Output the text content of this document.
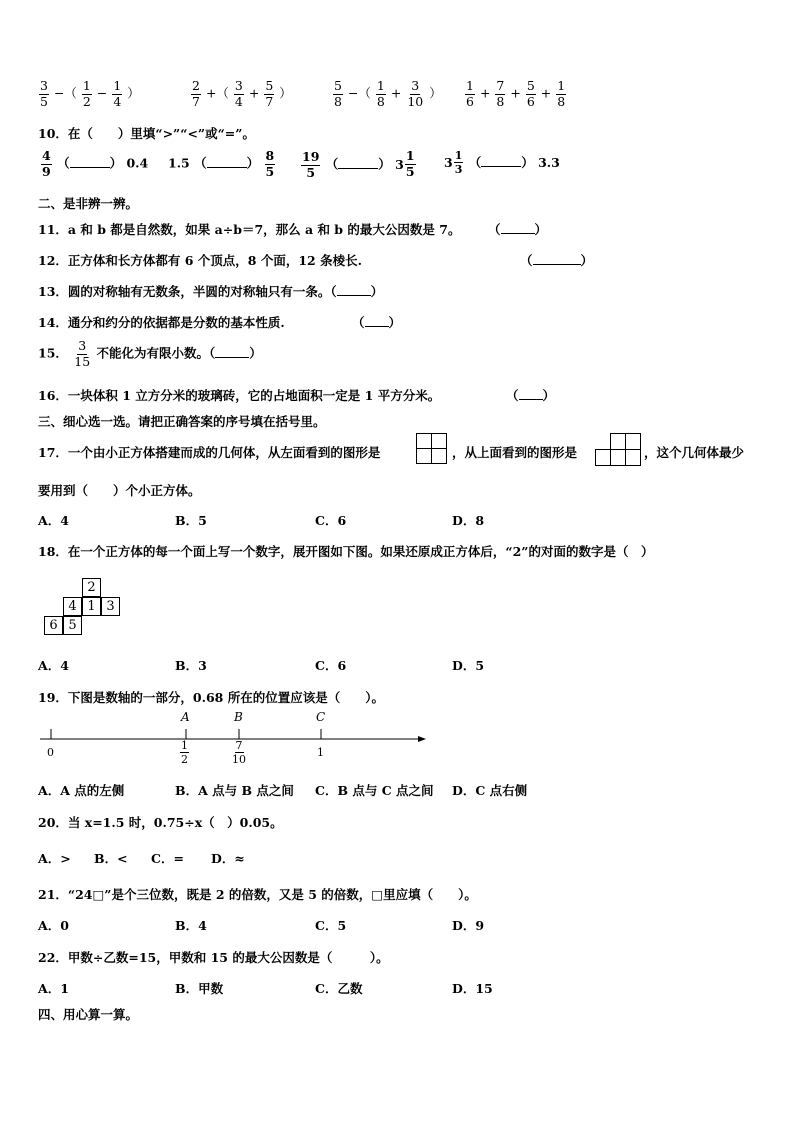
$\frac{3}{5}$ −（ $\frac{1}{2} - \frac{1}{4}$ ）	$\frac{2}{7}$ +（ $\frac{3}{4} + \frac{5}{7}$ ）	$\frac{5}{8}$ −（ $\frac{1}{8} + \frac{3}{10}$ ） $\frac{1}{6} + \frac{7}{8} + \frac{5}{6} + \frac{1}{8}$
10．在（　　）里填“>”“<”或“=”。
$\frac{4}{9}$ （	） 0.4 1.5 （	） $\frac{8}{5} \frac{19}{5}$ （	） $3 \frac{1}{5} 3 \frac{1}{3}$ （	） 3.3
二、是非辨一辨。
11．a 和 b 都是自然数，如果 a÷b＝7，那么 a 和 b 的最大公因数是 7。 （	）
12．正方体和长方体都有 6 个顶点，8 个面，12 条棱长.	（	）
13．圆的对称轴有无数条，半圆的对称轴只有一条。（	）
14．通分和约分的依据都是分数的基本性质.	（ ）
15． $\frac{3}{15}$ 不能化为有限小数。（	）
16．一块体积 1 立方分米的玻璃砖，它的占地面积一定是 1 平方分米。	（ ）
三、细心选一选。请把正确答案的序号填在括号里。
17．一个由小正方体搭建而成的几何体，从左面看到的图形是	，从上面看到的图形是	，这个几何体最少
要用到（　　）个小正方体。
A．4	B．5	C．6	D．8
18．在一个正方体的每一个面上写一个数字，展开图如下图。如果还原成正方体后，“2”的对面的数字是（　）
2
4 1 3
6 5
A．4	B．3	C．6	D．5
19．下图是数轴的一部分，0.68 所在的位置应该是（　　）。
A	B	C
0	$\frac{1}{2}$	$\frac{7}{10}$	1
A．A 点的左侧	B．A 点与 B 点之间 C．B 点与 C 点之间 D．C 点右侧
20．当 x=1.5 时，0.75÷x（　）0.05。
A．> B．< C．= D．≈
21．“24□”是个三位数，既是 2 的倍数，又是 5 的倍数，□里应填（　　）。
A．0	B．4	C．5	D．9
22．甲数÷乙数=15，甲数和 15 的最大公因数是（　　　）。
A．1	B．甲数	C．乙数	D．15
四、用心算一算。
